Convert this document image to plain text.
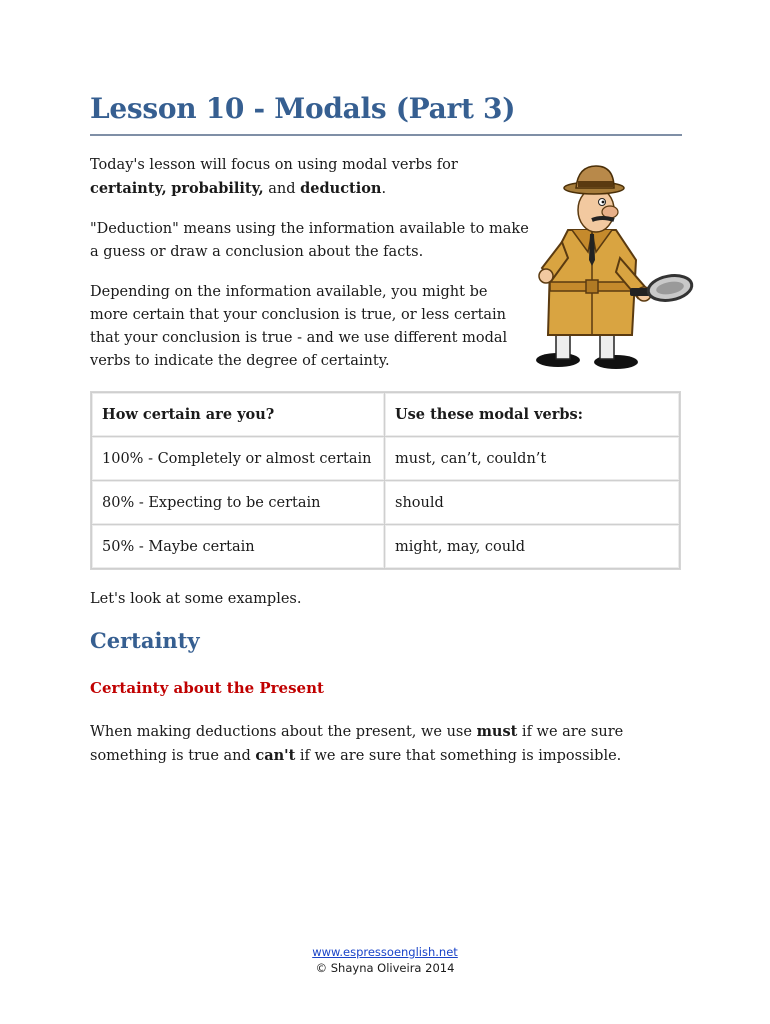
Lesson 10 - Modals (Part 3)

Today's lesson will focus on using modal verbs for certainty, probability, and deduction.

"Deduction" means using the information available to make a guess or draw a conclusion about the facts.

Depending on the information available, you might be more certain that your conclusion is true, or less certain that your conclusion is true - and we use different modal verbs to indicate the degree of certainty.

How certain are you?	Use these modal verbs:
100% - Completely or almost certain	must, can’t, couldn’t
80% - Expecting to be certain	should
50% - Maybe certain	might, may, could

Let's look at some examples.

Certainty
Certainty about the Present

When making deductions about the present, we use must if we are sure something is true and can't if we are sure that something is impossible.

www.espressoenglish.net
© Shayna Oliveira 2014
